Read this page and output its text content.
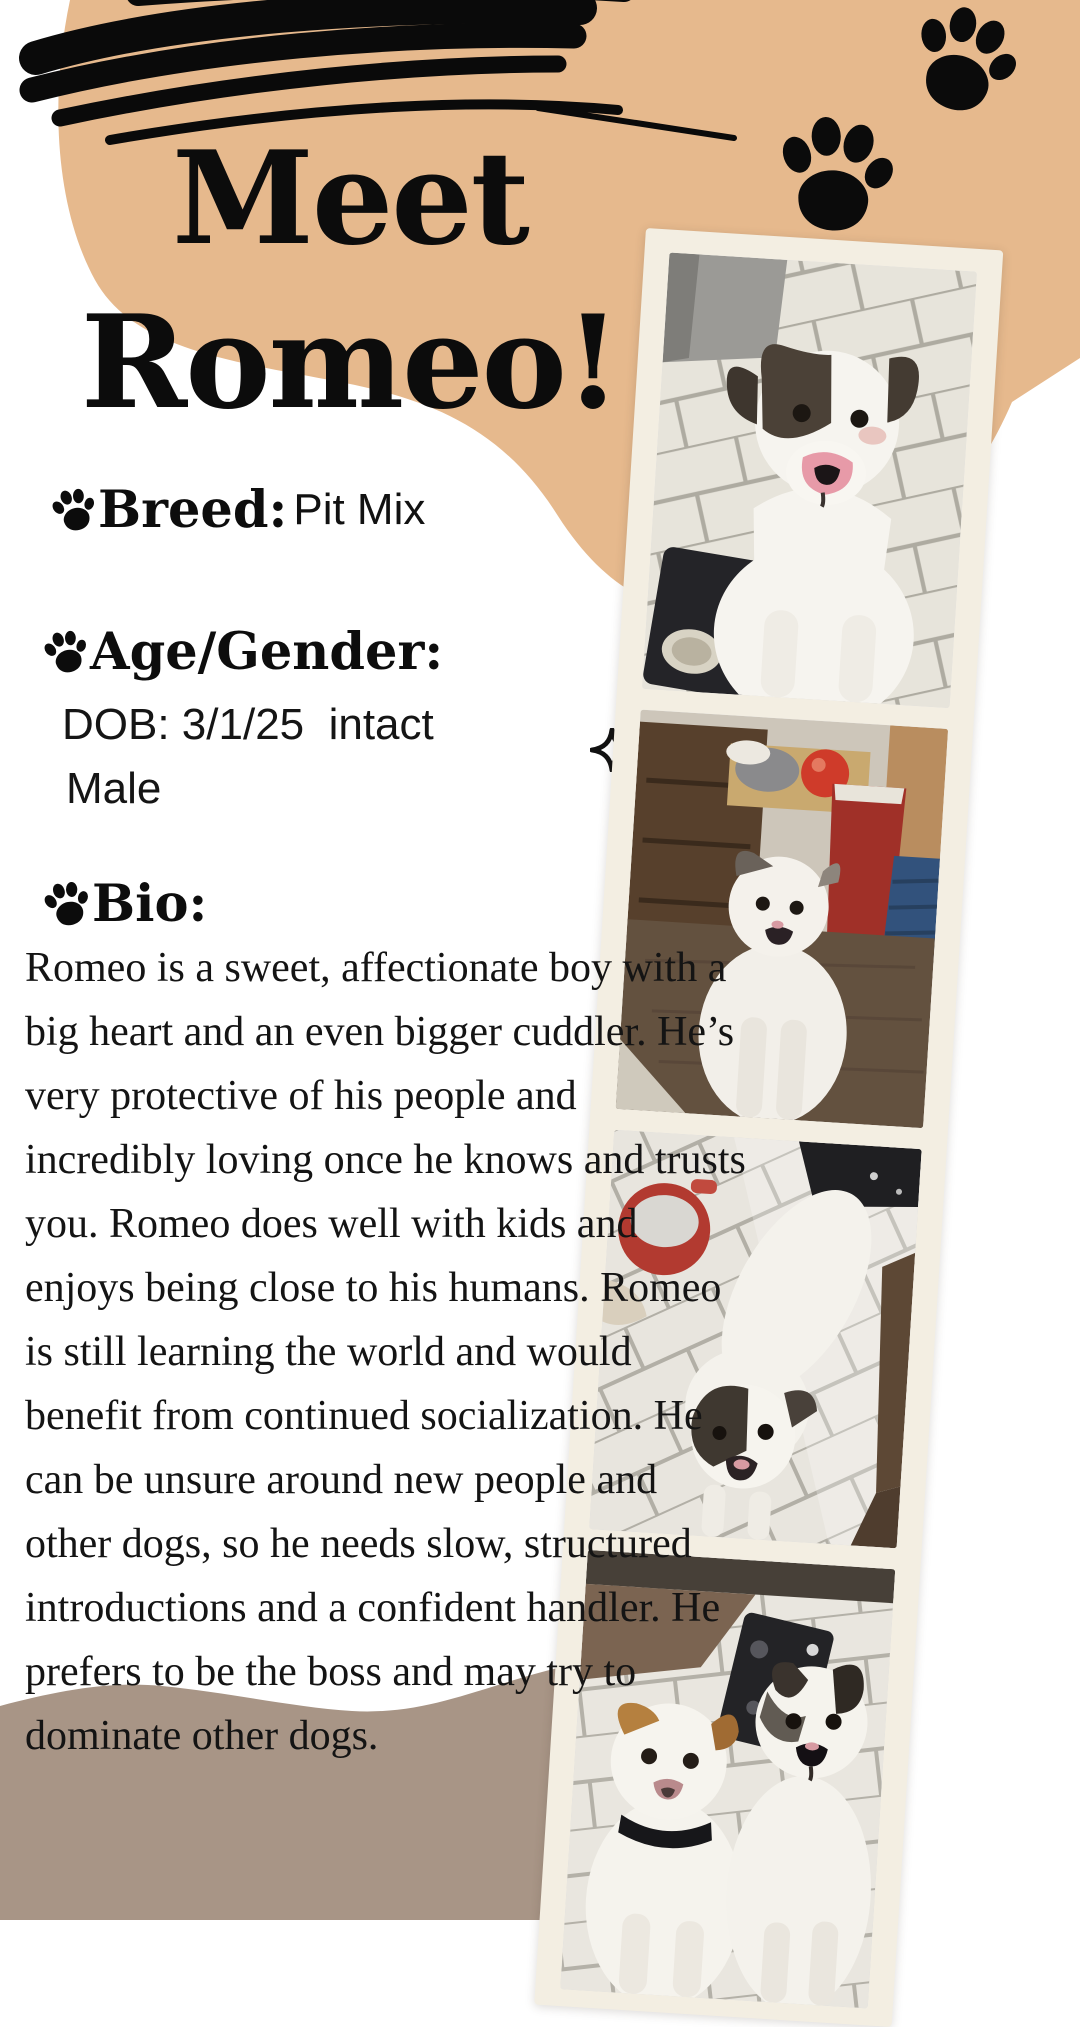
Meet
Romeo!
Breed: Pit Mix
Age/Gender:
DOB: 3/1/25  intact
Male
Bio:
Romeo is a sweet, affectionate boy with a big heart and an even bigger cuddler. He’s very protective of his people and incredibly loving once he knows and trusts you. Romeo does well with kids and enjoys being close to his humans. Romeo is still learning the world and would benefit from continued socialization. He can be unsure around new people and other dogs, so he needs slow, structured introductions and a confident handler. He prefers to be the boss and may try to dominate other dogs.
